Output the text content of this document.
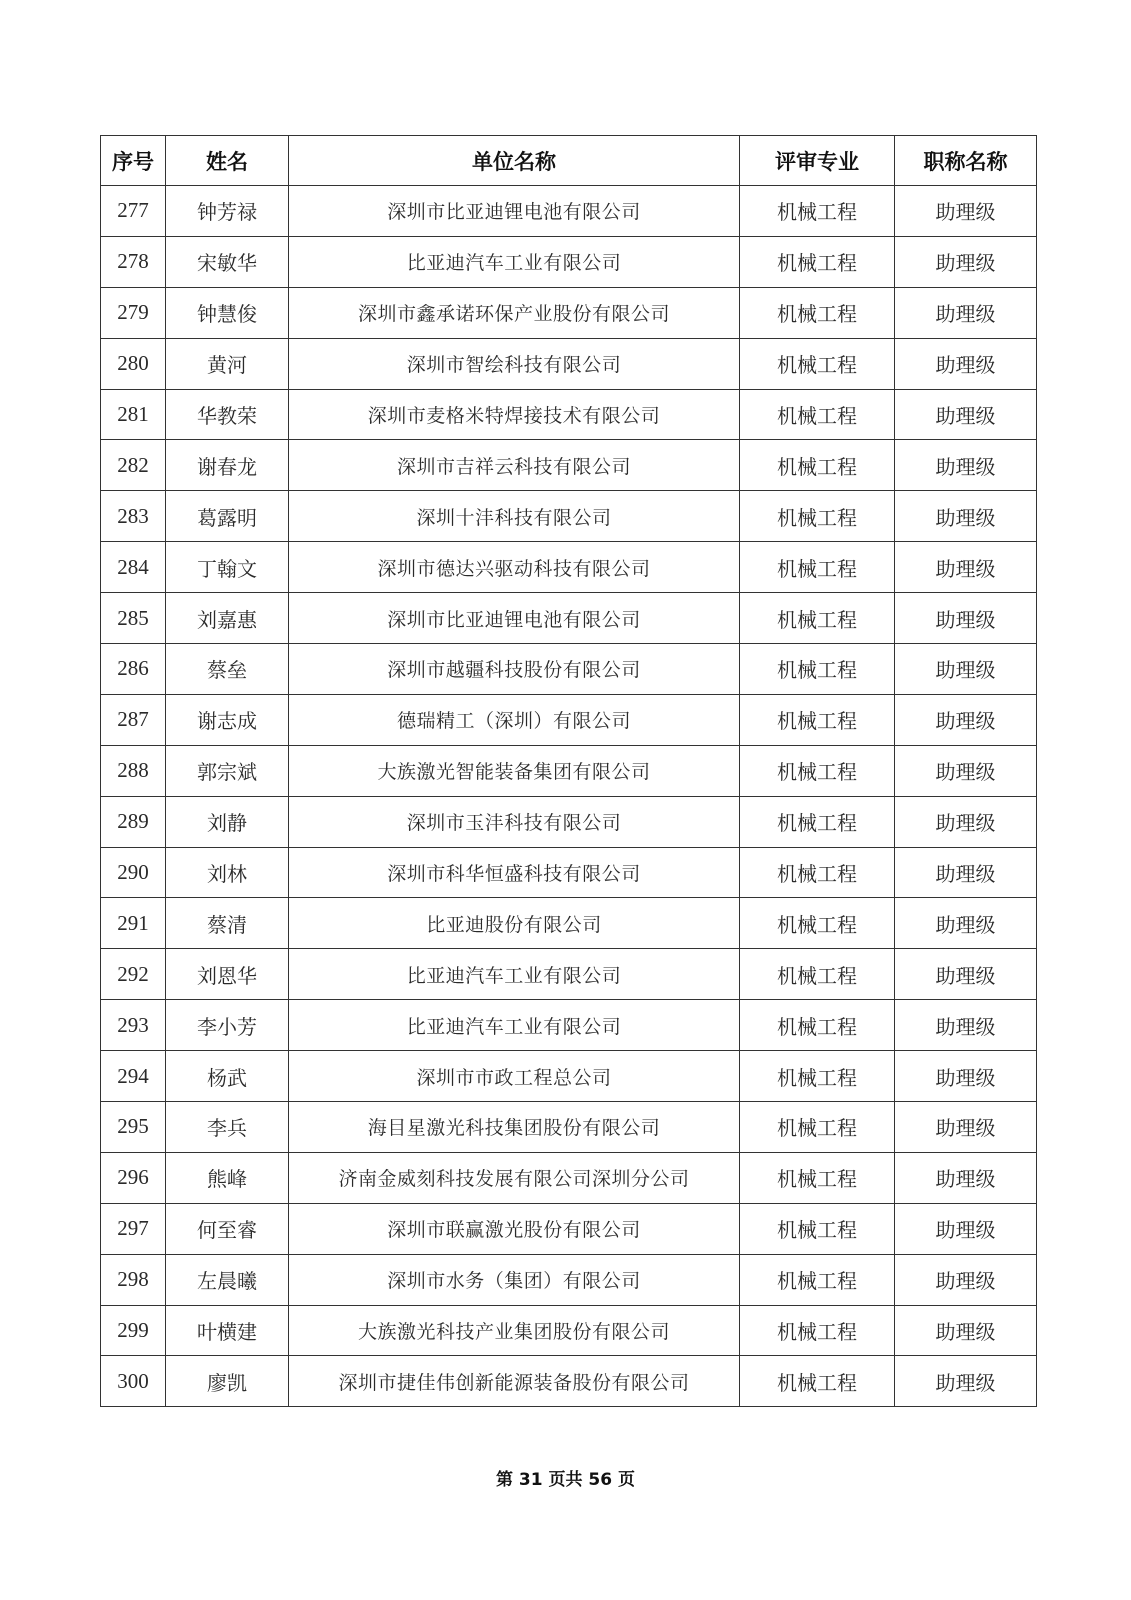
序号	姓名	单位名称	评审专业	职称名称
277	钟芳禄	深圳市比亚迪锂电池有限公司	机械工程	助理级
278	宋敏华	比亚迪汽车工业有限公司	机械工程	助理级
279	钟慧俊	深圳市鑫承诺环保产业股份有限公司	机械工程	助理级
280	黄河	深圳市智绘科技有限公司	机械工程	助理级
281	华教荣	深圳市麦格米特焊接技术有限公司	机械工程	助理级
282	谢春龙	深圳市吉祥云科技有限公司	机械工程	助理级
283	葛露明	深圳十沣科技有限公司	机械工程	助理级
284	丁翰文	深圳市德达兴驱动科技有限公司	机械工程	助理级
285	刘嘉惠	深圳市比亚迪锂电池有限公司	机械工程	助理级
286	蔡垒	深圳市越疆科技股份有限公司	机械工程	助理级
287	谢志成	德瑞精工（深圳）有限公司	机械工程	助理级
288	郭宗斌	大族激光智能装备集团有限公司	机械工程	助理级
289	刘静	深圳市玉沣科技有限公司	机械工程	助理级
290	刘林	深圳市科华恒盛科技有限公司	机械工程	助理级
291	蔡清	比亚迪股份有限公司	机械工程	助理级
292	刘恩华	比亚迪汽车工业有限公司	机械工程	助理级
293	李小芳	比亚迪汽车工业有限公司	机械工程	助理级
294	杨武	深圳市市政工程总公司	机械工程	助理级
295	李兵	海目星激光科技集团股份有限公司	机械工程	助理级
296	熊峰	济南金威刻科技发展有限公司深圳分公司	机械工程	助理级
297	何至睿	深圳市联赢激光股份有限公司	机械工程	助理级
298	左晨曦	深圳市水务（集团）有限公司	机械工程	助理级
299	叶横建	大族激光科技产业集团股份有限公司	机械工程	助理级
300	廖凯	深圳市捷佳伟创新能源装备股份有限公司	机械工程	助理级
第 31 页共 56 页
